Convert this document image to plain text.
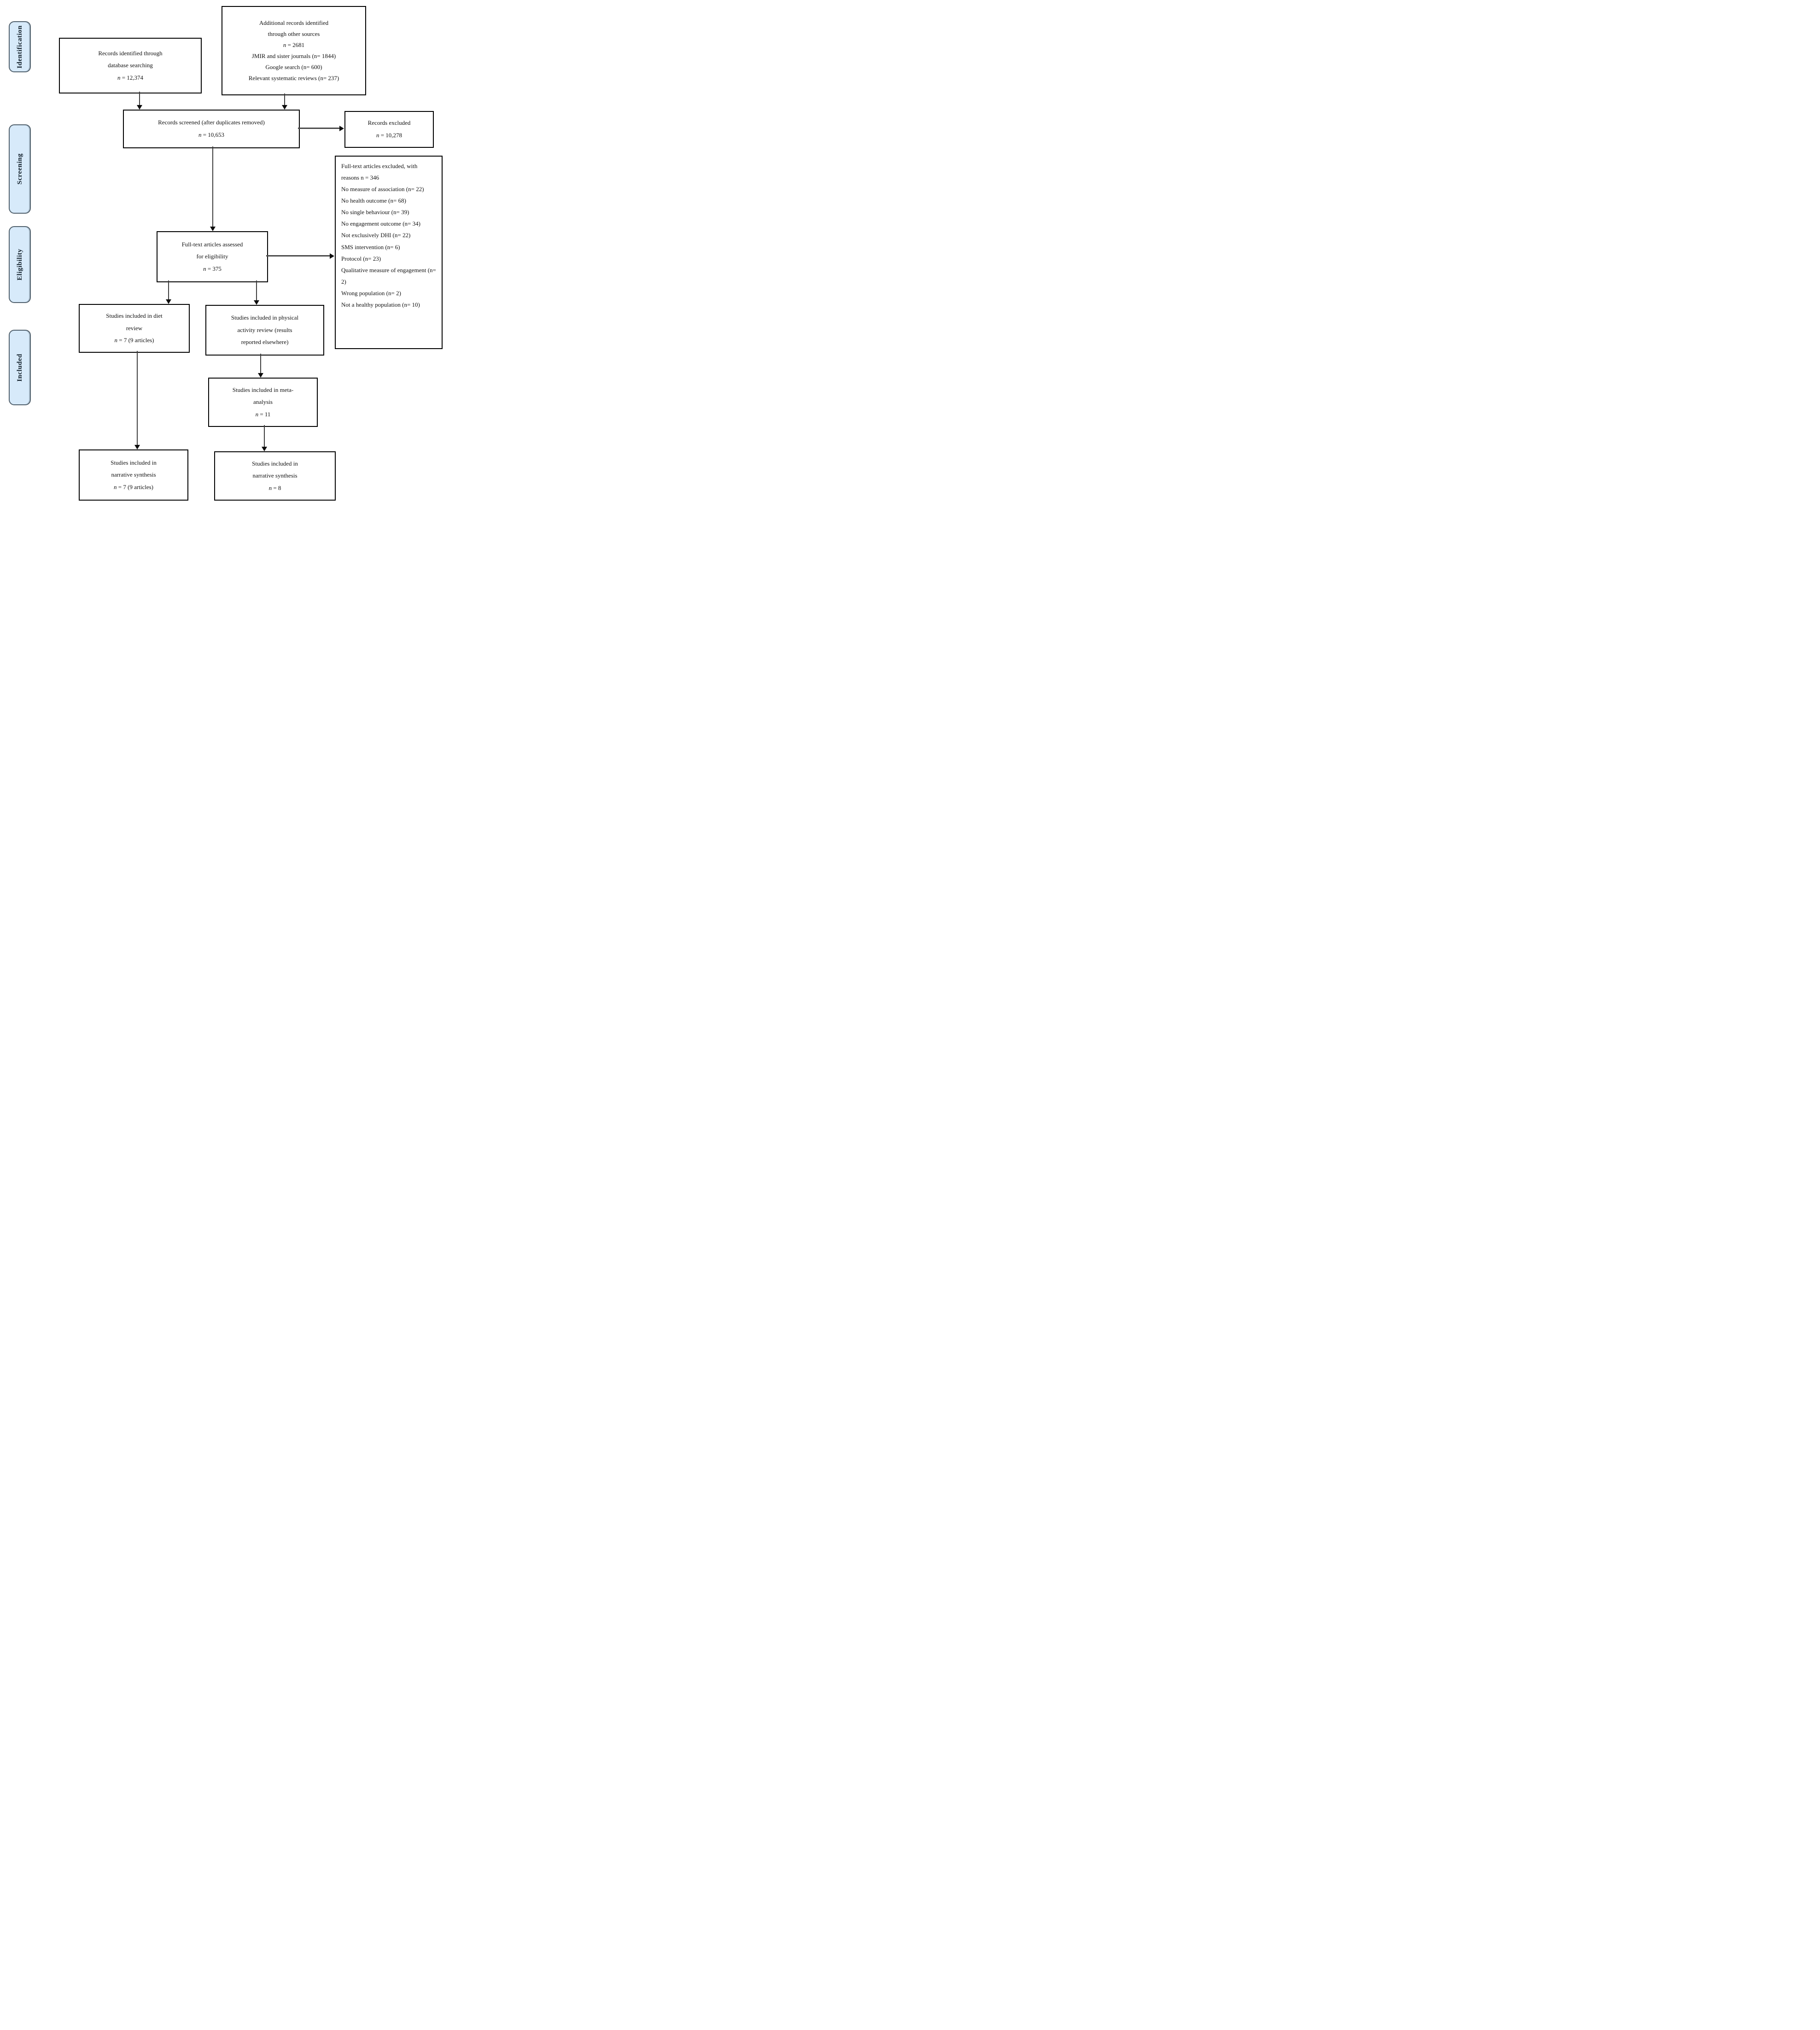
Identification
Screening
Eligibility
Included
Records identified through
database searching
n = 12,374
Additional records identified
through other sources
n = 2681
JMIR and sister journals (n= 1844)
Google search (n= 600)
Relevant systematic reviews (n= 237)
Records screened (after duplicates removed)
n = 10,653
Records excluded
n = 10,278
Full-text articles assessed
for eligibility
n = 375
Full-text articles excluded, with reasons n = 346
No measure of association (n= 22)
No health outcome (n= 68)
No single behaviour (n= 39)
No engagement outcome (n= 34)
Not exclusively DHI (n= 22)
SMS intervention (n= 6)
Protocol (n= 23)
Qualitative measure of engagement (n= 2)
Wrong population (n= 2)
Not a healthy population (n= 10)
Studies included in diet
review
n = 7 (9 articles)
Studies included in physical
activity review (results
reported elsewhere)
Studies included in meta-
analysis
n = 11
Studies included in
narrative synthesis
n = 7 (9 articles)
Studies included in
narrative synthesis
n = 8
